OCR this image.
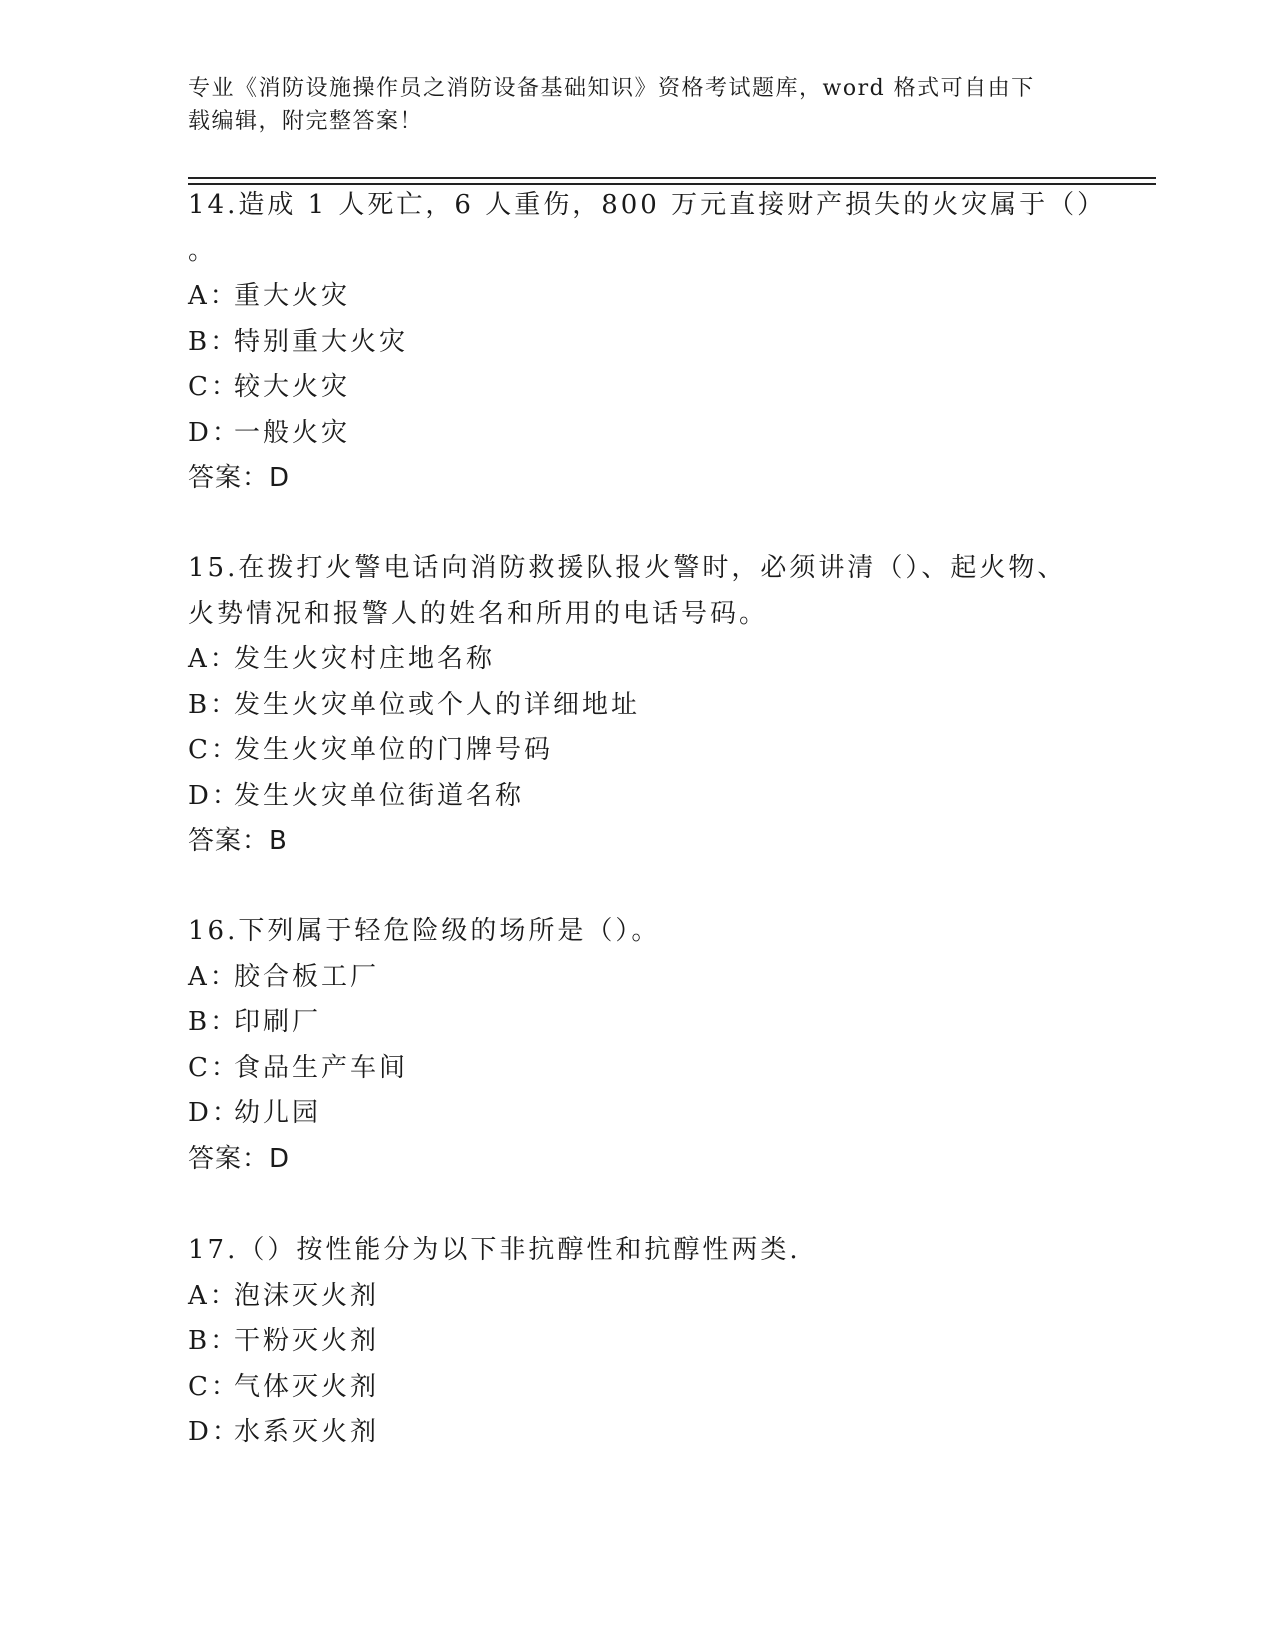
专业《消防设施操作员之消防设备基础知识》资格考试题库，word 格式可自由下
载编辑，附完整答案！
14.造成 1 人死亡，6 人重伤，800 万元直接财产损失的火灾属于（）
。
A：重大火灾
B：特别重大火灾
C：较大火灾
D：一般火灾
答案：D
15.在拨打火警电话向消防救援队报火警时，必须讲清（）、起火物、
火势情况和报警人的姓名和所用的电话号码。
A：发生火灾村庄地名称
B：发生火灾单位或个人的详细地址
C：发生火灾单位的门牌号码
D：发生火灾单位街道名称
答案：B
16.下列属于轻危险级的场所是（）。
A：胶合板工厂
B：印刷厂
C：食品生产车间
D：幼儿园
答案：D
17.（）按性能分为以下非抗醇性和抗醇性两类.
A：泡沫灭火剂
B：干粉灭火剂
C：气体灭火剂
D：水系灭火剂
